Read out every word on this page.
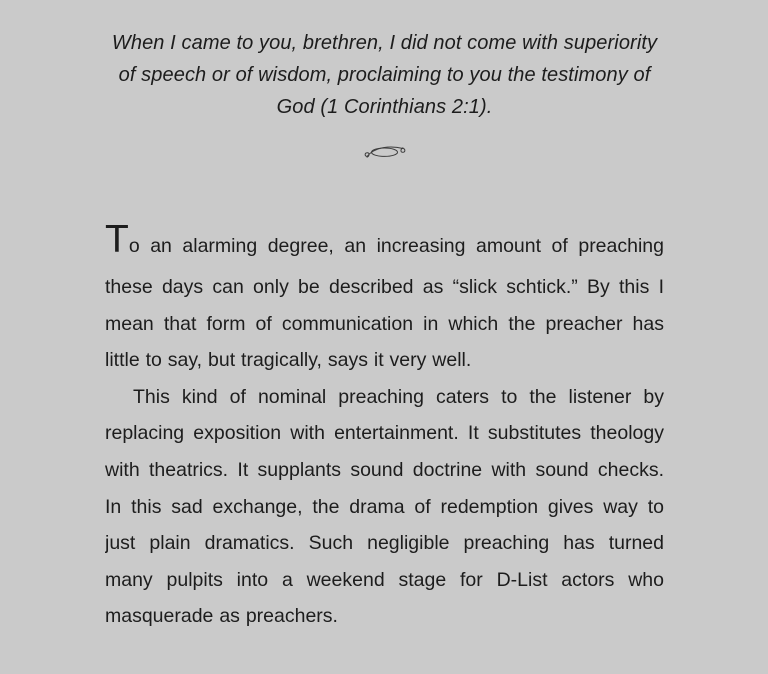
When I came to you, brethren, I did not come with superiority
of speech or of wisdom, proclaiming to you the testimony of
God (1 Corinthians 2:1).
To an alarming degree, an increasing amount of preaching
these days can only be described as “slick schtick.” By this I
mean that form of communication in which the preacher has
little to say, but tragically, says it very well.
This kind of nominal preaching caters to the listener by
replacing exposition with entertainment. It substitutes theology
with theatrics. It supplants sound doctrine with sound checks.
In this sad exchange, the drama of redemption gives way to
just plain dramatics. Such negligible preaching has turned
many pulpits into a weekend stage for D-List actors who
masquerade as preachers.
